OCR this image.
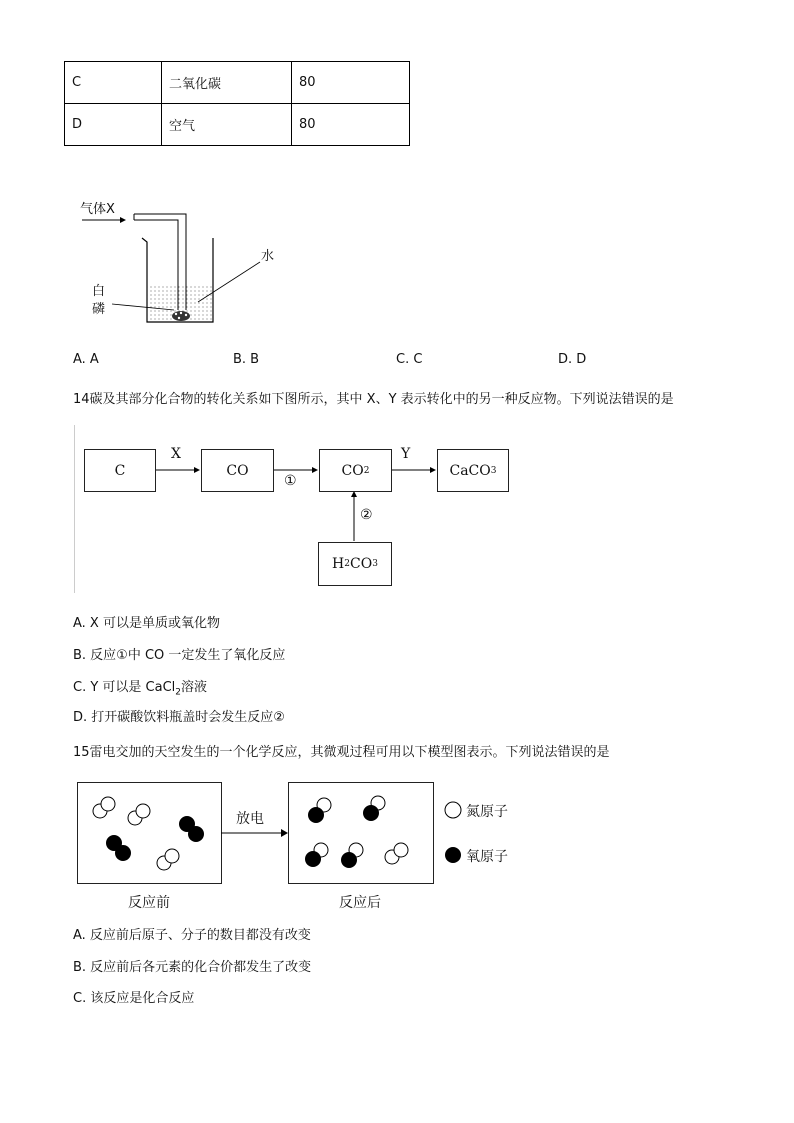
C	二氧化碳	80
D	空气	80
气体X
水
白
磷
A. A	B. B	C. C	D. D
14碳及其部分化合物的转化关系如下图所示，其中 X、Y 表示转化中的另一种反应物。下列说法错误的是
C	CO	CO 2	CaCO 3
H 2 CO 3
X	Y
①
②
A. X 可以是单质或氧化物
B. 反应①中 CO 一定发生了氧化反应
C. Y 可以是 CaCl$_2$溶液
D. 打开碳酸饮料瓶盖时会发生反应②
15雷电交加的天空发生的一个化学反应，其微观过程可用以下模型图表示。下列说法错误的是
放电
反应前	反应后
氮原子
氧原子
A. 反应前后原子、分子的数目都没有改变
B. 反应前后各元素的化合价都发生了改变
C. 该反应是化合反应
